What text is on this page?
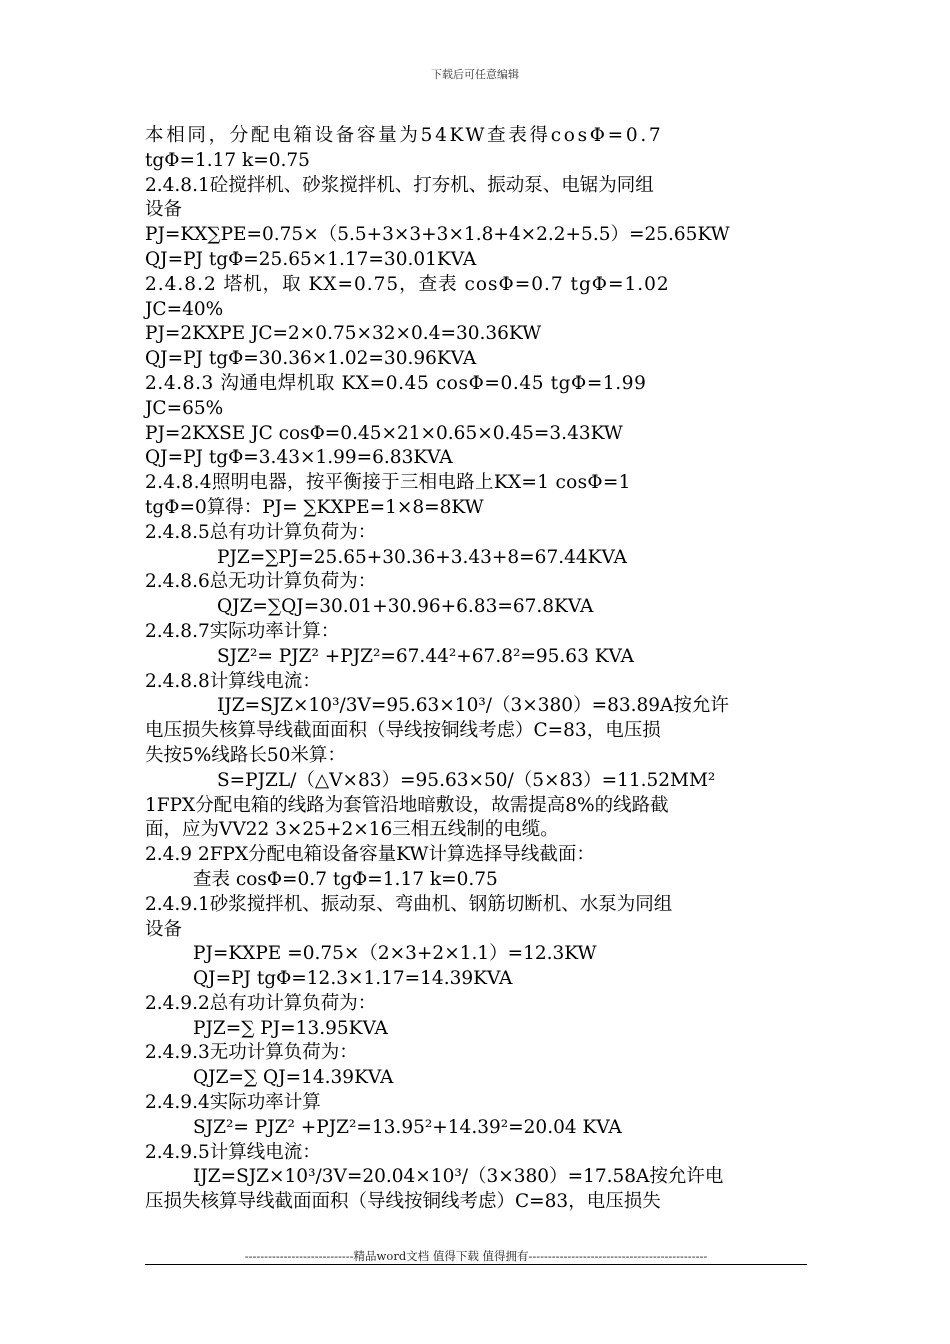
下载后可任意编辑
本相同，分配电箱设备容量为54KW查表得cosΦ=0.7
tgΦ=1.17 k=0.75
2.4.8.1砼搅拌机、砂浆搅拌机、打夯机、振动泵、电锯为同组
设备
PJ=KX∑PE=0.75×（5.5+3×3+3×1.8+4×2.2+5.5）=25.65KW
QJ=PJ tgΦ=25.65×1.17=30.01KVA
2.4.8.2 塔机，取 KX=0.75，查表 cosΦ=0.7 tgΦ=1.02
JC=40%
PJ=2KXPE JC=2×0.75×32×0.4=30.36KW
QJ=PJ tgΦ=30.36×1.02=30.96KVA
2.4.8.3 沟通电焊机取 KX=0.45 cosΦ=0.45 tgΦ=1.99
JC=65%
PJ=2KXSE JC cosΦ=0.45×21×0.65×0.45=3.43KW
QJ=PJ tgΦ=3.43×1.99=6.83KVA
2.4.8.4照明电器，按平衡接于三相电路上KX=1 cosΦ=1
tgΦ=0算得：PJ= ∑KXPE=1×8=8KW
2.4.8.5总有功计算负荷为：
PJZ=∑PJ=25.65+30.36+3.43+8=67.44KVA
2.4.8.6总无功计算负荷为：
QJZ=∑QJ=30.01+30.96+6.83=67.8KVA
2.4.8.7实际功率计算：
SJZ²= PJZ² +PJZ²=67.44²+67.8²=95.63 KVA
2.4.8.8计算线电流：
IJZ=SJZ×10³/3V=95.63×10³/（3×380）=83.89A按允许
电压损失核算导线截面面积（导线按铜线考虑）C=83，电压损
失按5%线路长50米算：
S=PJZL/（△V×83）=95.63×50/（5×83）=11.52MM²
1FPX分配电箱的线路为套管沿地暗敷设，故需提高8%的线路截
面，应为VV22 3×25+2×16三相五线制的电缆。
2.4.9 2FPX分配电箱设备容量KW计算选择导线截面：
查表 cosΦ=0.7 tgΦ=1.17 k=0.75
2.4.9.1砂浆搅拌机、振动泵、弯曲机、钢筋切断机、水泵为同组
设备
PJ=KXPE =0.75×（2×3+2×1.1）=12.3KW
QJ=PJ tgΦ=12.3×1.17=14.39KVA
2.4.9.2总有功计算负荷为：
PJZ=∑ PJ=13.95KVA
2.4.9.3无功计算负荷为：
QJZ=∑ QJ=14.39KVA
2.4.9.4实际功率计算
SJZ²= PJZ² +PJZ²=13.95²+14.39²=20.04 KVA
2.4.9.5计算线电流：
IJZ=SJZ×10³/3V=20.04×10³/（3×380）=17.58A按允许电
压损失核算导线截面面积（导线按铜线考虑）C=83，电压损失
----------------------------精品word文档 值得下载 值得拥有----------------------------------------------
